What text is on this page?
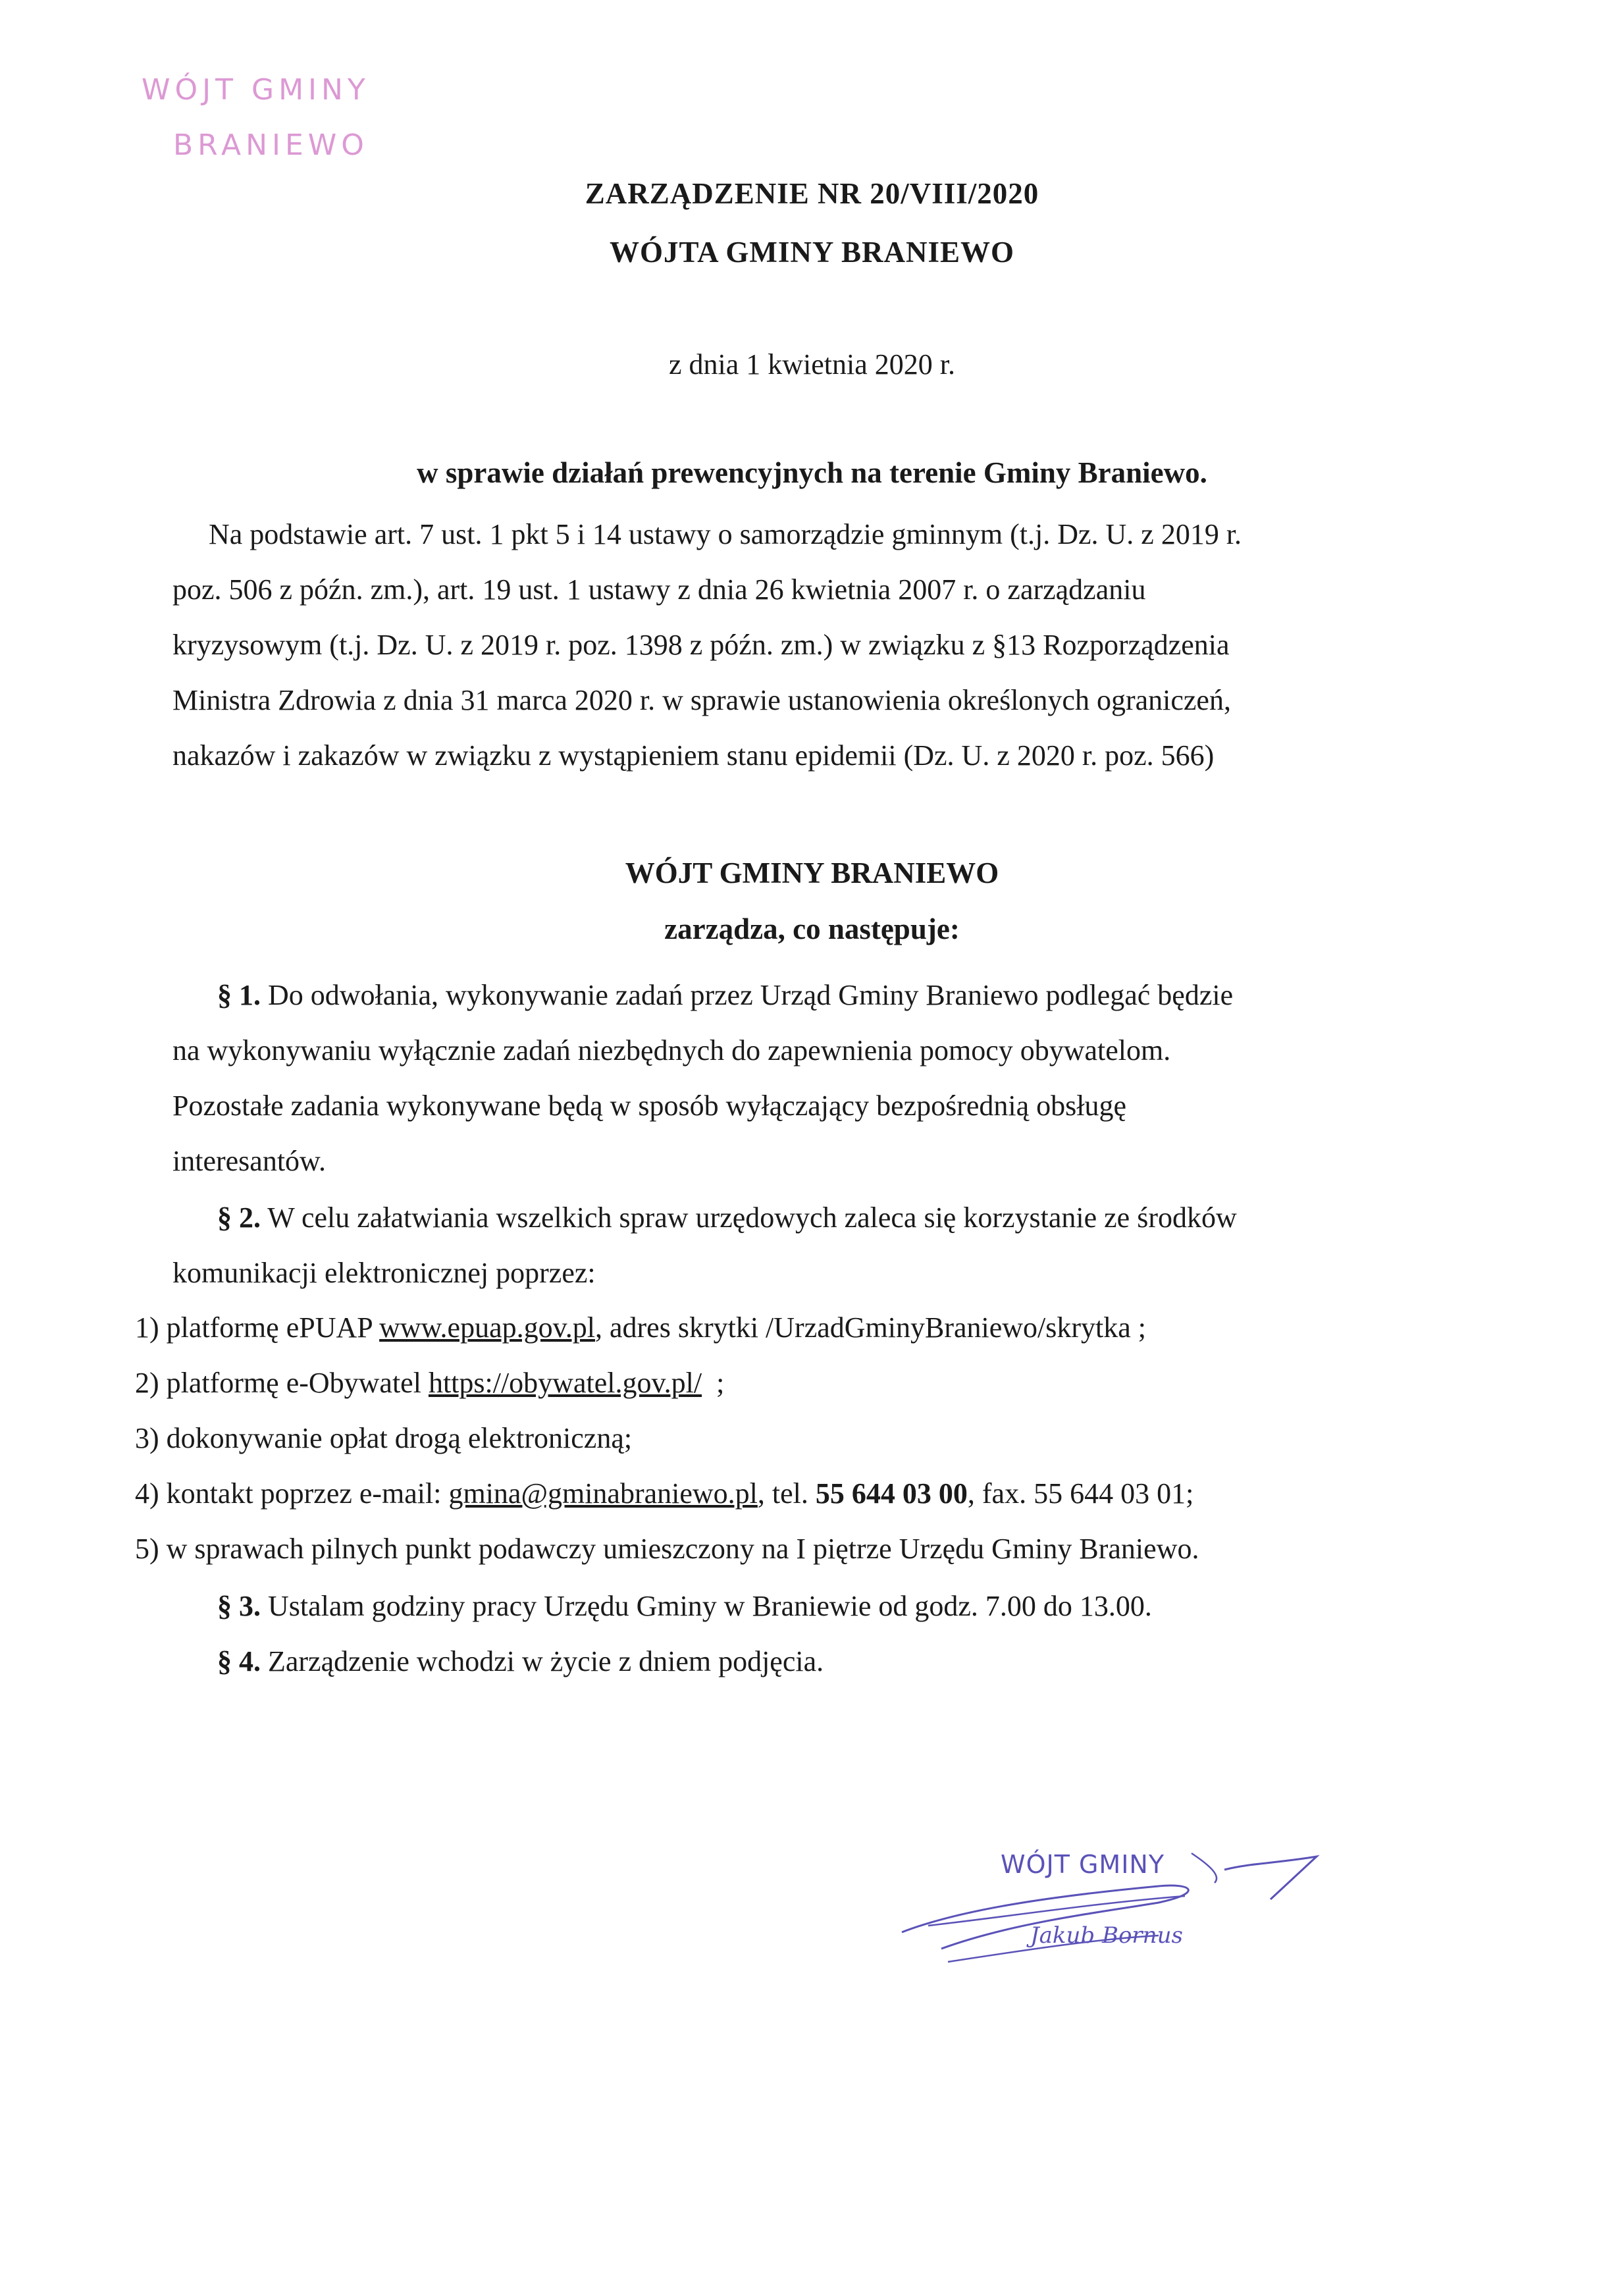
WÓJT GMINY
BRANIEWO
ZARZĄDZENIE NR 20/VIII/2020
WÓJTA GMINY BRANIEWO
z dnia 1 kwietnia 2020 r.
w sprawie działań prewencyjnych na terenie Gminy Braniewo.
Na podstawie art. 7 ust. 1 pkt 5 i 14 ustawy o samorządzie gminnym (t.j. Dz. U. z 2019 r.
poz. 506 z późn. zm.), art. 19 ust. 1 ustawy z dnia 26 kwietnia 2007 r. o zarządzaniu
kryzysowym (t.j. Dz. U. z 2019 r. poz. 1398 z późn. zm.) w związku z §13 Rozporządzenia
Ministra Zdrowia z dnia 31 marca 2020 r. w sprawie ustanowienia określonych ograniczeń,
nakazów i zakazów w związku z wystąpieniem stanu epidemii (Dz. U. z 2020 r. poz. 566)
WÓJT GMINY BRANIEWO
zarządza, co następuje:
§ 1. Do odwołania, wykonywanie zadań przez Urząd Gminy Braniewo podlegać będzie
na wykonywaniu wyłącznie zadań niezbędnych do zapewnienia pomocy obywatelom.
Pozostałe zadania wykonywane będą w sposób wyłączający bezpośrednią obsługę
interesantów.
§ 2. W celu załatwiania wszelkich spraw urzędowych zaleca się korzystanie ze środków
komunikacji elektronicznej poprzez:
1) platformę ePUAP www.epuap.gov.pl, adres skrytki /UrzadGminyBraniewo/skrytka ;
2) platformę e-Obywatel https://obywatel.gov.pl/  ;
3) dokonywanie opłat drogą elektroniczną;
4) kontakt poprzez e-mail: gmina@gminabraniewo.pl, tel. 55 644 03 00, fax. 55 644 03 01;
5) w sprawach pilnych punkt podawczy umieszczony na I piętrze Urzędu Gminy Braniewo.
§ 3. Ustalam godziny pracy Urzędu Gminy w Braniewie od godz. 7.00 do 13.00.
§ 4. Zarządzenie wchodzi w życie z dniem podjęcia.
WÓJT GMINY
Jakub Bornus
